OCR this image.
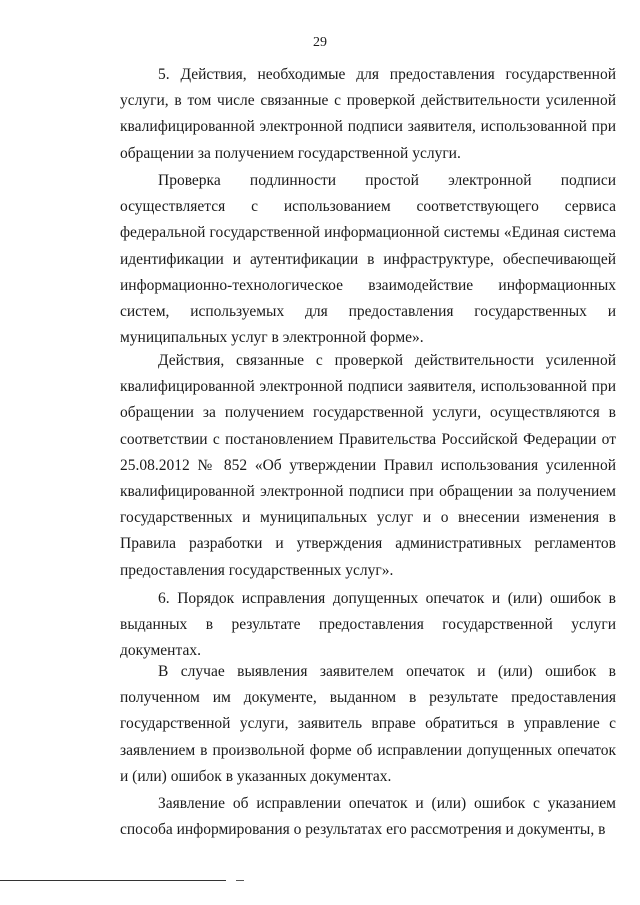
29

5. Действия, необходимые для предоставления государственной услуги, в том числе связанные с проверкой действительности усиленной квалифицированной электронной подписи заявителя, использованной при обращении за получением государственной услуги.

Проверка подлинности простой электронной подписи осуществляется с использованием соответствующего сервиса федеральной государственной информационной системы «Единая система идентификации и аутентификации в инфраструктуре, обеспечивающей информационно-технологическое взаимодействие информационных систем, используемых для предоставления государственных и муниципальных услуг в электронной форме».

Действия, связанные с проверкой действительности усиленной квалифицированной электронной подписи заявителя, использованной при обращении за получением государственной услуги, осуществляются в соответствии с постановлением Правительства Российской Федерации от 25.08.2012 № 852 «Об утверждении Правил использования усиленной квалифицированной электронной подписи при обращении за получением государственных и муниципальных услуг и о внесении изменения в Правила разработки и утверждения административных регламентов предоставления государственных услуг».

6. Порядок исправления допущенных опечаток и (или) ошибок в выданных в результате предоставления государственной услуги документах.

В случае выявления заявителем опечаток и (или) ошибок в полученном им документе, выданном в результате предоставления государственной услуги, заявитель вправе обратиться в управление с заявлением в произвольной форме об исправлении допущенных опечаток и (или) ошибок в указанных документах.

Заявление об исправлении опечаток и (или) ошибок с указанием способа информирования о результатах его рассмотрения и документы, в
